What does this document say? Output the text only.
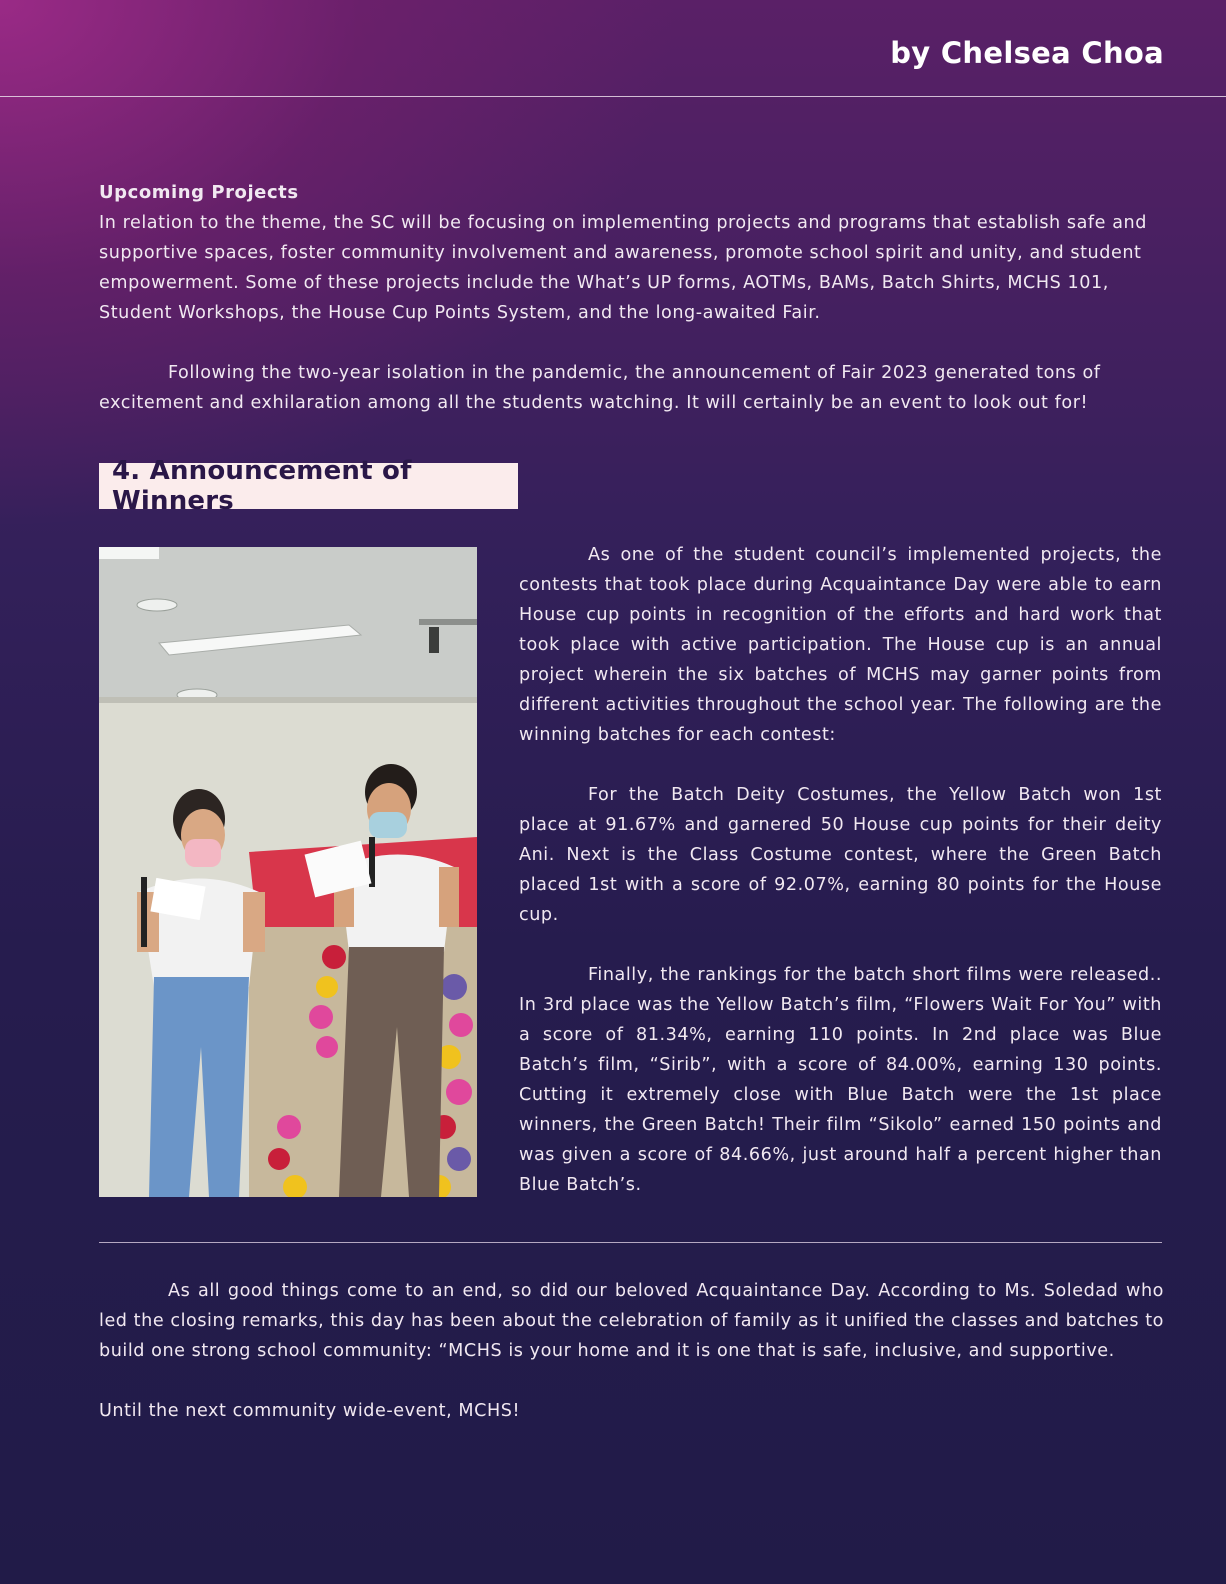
by Chelsea Choa
Upcoming Projects

In relation to the theme, the SC will be focusing on implementing projects and programs that establish safe and supportive spaces, foster community involvement and awareness, promote school spirit and unity, and student empowerment. Some of these projects include the What’s UP forms, AOTMs, BAMs, Batch Shirts, MCHS 101, Student Workshops, the House Cup Points System, and the long-awaited Fair.

Following the two-year isolation in the pandemic, the announcement of Fair 2023 generated tons of excitement and exhilaration among all the students watching. It will certainly be an event to look out for!

4. Announcement of Winners

As one of the student council’s implemented projects, the contests that took place during Acquaintance Day were able to earn House cup points in recognition of the efforts and hard work that took place with active participation. The House cup is an annual project wherein the six batches of MCHS may garner points from different activities throughout the school year. The following are the winning batches for each contest:

For the Batch Deity Costumes, the Yellow Batch won 1st place at 91.67% and garnered 50 House cup points for their deity Ani. Next is the Class Costume contest, where the Green Batch placed 1st with a score of 92.07%, earning 80 points for the House cup.

Finally, the rankings for the batch short films were released.. In 3rd place was the Yellow Batch’s film, “Flowers Wait For You” with a score of 81.34%, earning 110 points. In 2nd place was Blue Batch’s film, “Sirib”, with a score of 84.00%, earning 130 points. Cutting it extremely close with Blue Batch were the 1st place winners, the Green Batch! Their film “Sikolo” earned 150 points and was given a score of 84.66%, just around half a percent higher than Blue Batch’s.

As all good things come to an end, so did our beloved Acquaintance Day. According to Ms. Soledad who led the closing remarks, this day has been about the celebration of family as it unified the classes and batches to build one strong school community: “MCHS is your home and it is one that is safe, inclusive, and supportive.

Until the next community wide-event, MCHS!
